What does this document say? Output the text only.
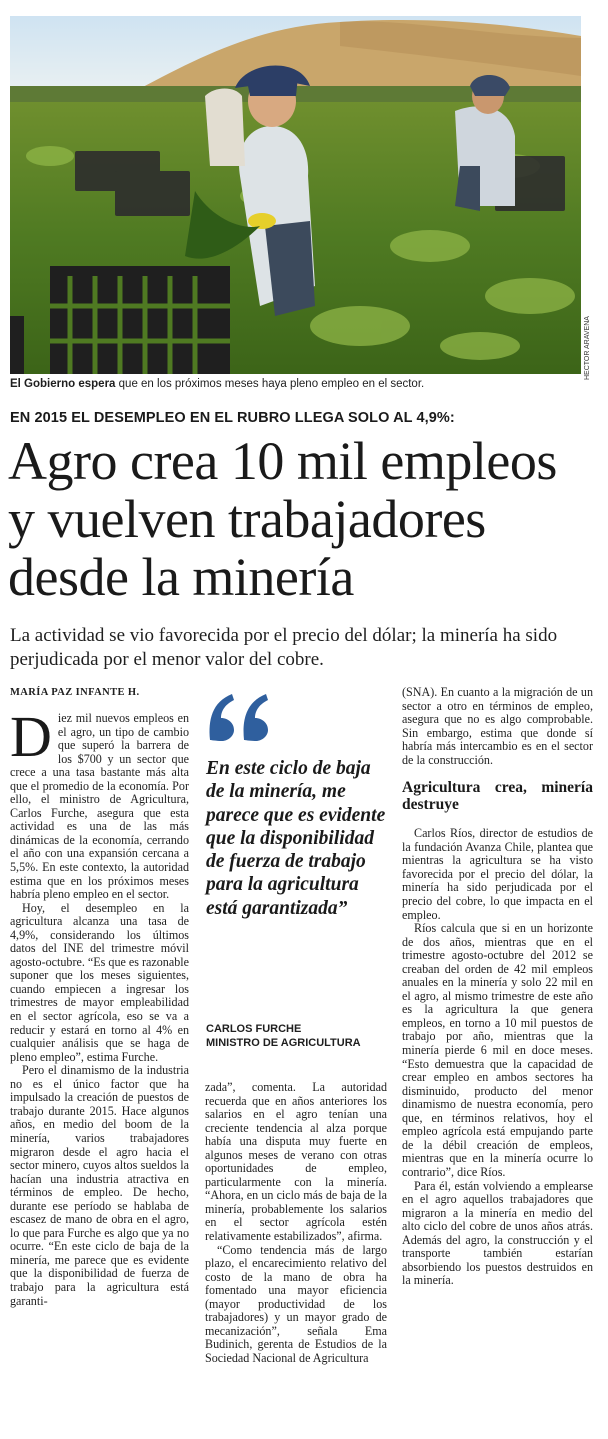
HECTOR ARAVENA
El Gobierno espera que en los próximos meses haya pleno empleo en el sector.
EN 2015 EL DESEMPLEO EN EL RUBRO LLEGA SOLO AL 4,9%:
Agro crea 10 mil empleos
y vuelven trabajadores
desde la minería

La actividad se vio favorecida por el precio del dólar; la minería ha sido perjudicada por el menor valor del cobre.

MARÍA PAZ INFANTE H.

Diez mil nuevos empleos en el agro, un tipo de cambio que superó la barrera de los $700 y un sector que crece a una tasa bastante más alta que el promedio de la economía. Por ello, el ministro de Agricultura, Carlos Furche, asegura que esta actividad es una de las más dinámicas de la economía, cerrando el año con una expansión cercana a 5,5%. En este contexto, la autoridad estima que en los próximos meses habría pleno empleo en el sector.

Hoy, el desempleo en la agricultura alcanza una tasa de 4,9%, considerando los últimos datos del INE del trimestre móvil agosto-octubre. “Es que es razonable suponer que los meses siguientes, cuando empiecen a ingresar los trimestres de mayor empleabilidad en el sector agrícola, eso se va a reducir y estará en torno al 4% en cualquier análisis que se haga de pleno empleo”, estima Furche.

Pero el dinamismo de la industria no es el único factor que ha impulsado la creación de puestos de trabajo durante 2015. Hace algunos años, en medio del boom de la minería, varios trabajadores migraron desde el agro hacia el sector minero, cuyos altos sueldos la hacían una industria atractiva en términos de empleo. De hecho, durante ese período se hablaba de escasez de mano de obra en el agro, lo que para Furche es algo que ya no ocurre. “En este ciclo de baja de la minería, me parece que es evidente que la disponibilidad de fuerza de trabajo para la agricultura está garanti-

En este ciclo de baja de la minería, me parece que es evidente que la disponibilidad de fuerza de trabajo para la agricultura está garantizada”

CARLOS FURCHE
MINISTRO DE AGRICULTURA

zada”, comenta. La autoridad recuerda que en años anteriores los salarios en el agro tenían una creciente tendencia al alza porque había una disputa muy fuerte en algunos meses de verano con otras oportunidades de empleo, particularmente con la minería. “Ahora, en un ciclo más de baja de la minería, probablemente los salarios en el sector agrícola estén relativamente estabilizados”, afirma.

“Como tendencia más de largo plazo, el encarecimiento relativo del costo de la mano de obra ha fomentado una mayor eficiencia (mayor productividad de los trabajadores) y un mayor grado de mecanización”, señala Ema Budinich, gerenta de Estudios de la Sociedad Nacional de Agricultura

(SNA). En cuanto a la migración de un sector a otro en términos de empleo, asegura que no es algo comprobable. Sin embargo, estima que donde sí habría más intercambio es en el sector de la construcción.

Agricultura crea, minería destruye

Carlos Ríos, director de estudios de la fundación Avanza Chile, plantea que mientras la agricultura se ha visto favorecida por el precio del dólar, la minería ha sido perjudicada por el precio del cobre, lo que impacta en el empleo.

Ríos calcula que si en un horizonte de dos años, mientras que en el trimestre agosto-octubre del 2012 se creaban del orden de 42 mil empleos anuales en la minería y solo 22 mil en el agro, al mismo trimestre de este año es la agricultura la que genera empleos, en torno a 10 mil puestos de trabajo por año, mientras que la minería pierde 6 mil en doce meses. “Esto demuestra que la capacidad de crear empleo en ambos sectores ha disminuido, producto del menor dinamismo de nuestra economía, pero que, en términos relativos, hoy el empleo agrícola está empujando parte de la débil creación de empleos, mientras que en la minería ocurre lo contrario”, dice Ríos.

Para él, están volviendo a emplearse en el agro aquellos trabajadores que migraron a la minería en medio del alto ciclo del cobre de unos años atrás. Además del agro, la construcción y el transporte también estarían absorbiendo los puestos destruidos en la minería.
